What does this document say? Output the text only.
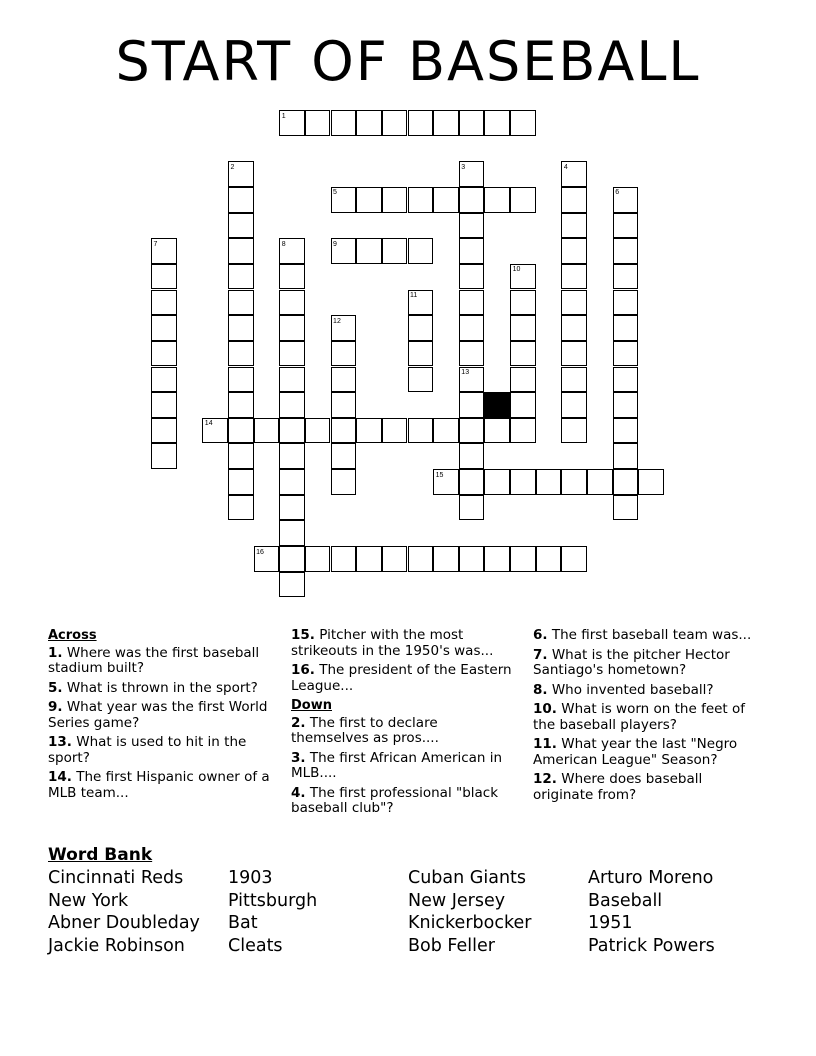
START OF BASEBALL
1
2	3
13
4
5	6
7	8	9
10
11
12
14
15
16
Across
1. Where was the first baseball stadium built?
5. What is thrown in the sport?
9. What year was the first World Series game?
13. What is used to hit in the sport?
14. The first Hispanic owner of a MLB team...
15. Pitcher with the most strikeouts in the 1950's was...
16. The president of the Eastern League...
Down
2. The first to declare themselves as pros....
3. The first African American in MLB....
4. The first professional "black baseball club"?
6. The first baseball team was...
7. What is the pitcher Hector Santiago's hometown?
8. Who invented baseball?
10. What is worn on the feet of the baseball players?
11. What year the last "Negro American League" Season?
12. Where does baseball originate from?
Word Bank
Cincinnati Reds
New York
Abner Doubleday
Jackie Robinson
1903
Pittsburgh
Bat
Cleats
Cuban Giants
New Jersey
Knickerbocker
Bob Feller
Arturo Moreno
Baseball
1951
Patrick Powers
